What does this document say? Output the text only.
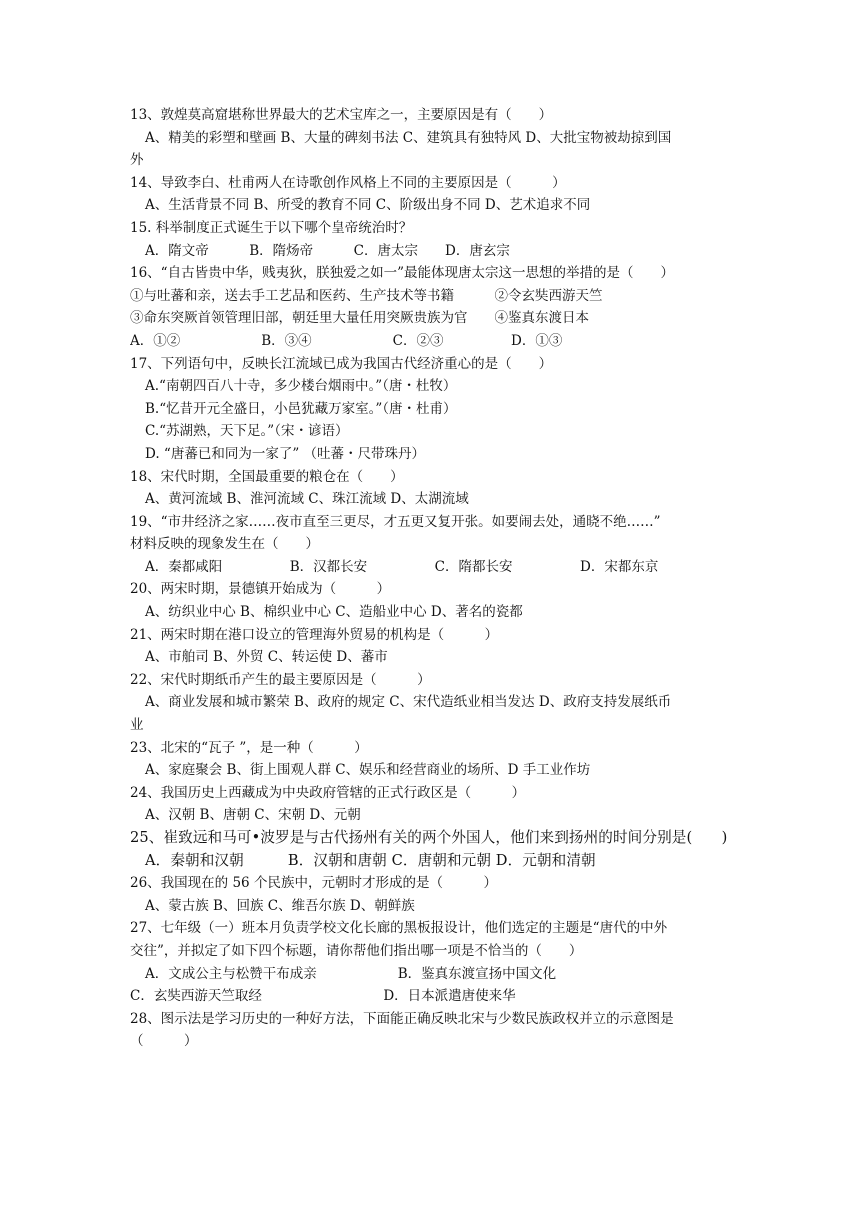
13、敦煌莫高窟堪称世界最大的艺术宝库之一，主要原因是有（　　）
A、精美的彩塑和壁画 B、大量的碑刻书法 C、建筑具有独特风 D、大批宝物被劫掠到国
外
14、导致李白、杜甫两人在诗歌创作风格上不同的主要原因是（　　　）
A、生活背景不同 B、所受的教育不同 C、阶级出身不同 D、艺术追求不同
15. 科举制度正式诞生于以下哪个皇帝统治时？
A．隋文帝　　　B．隋炀帝　　　C．唐太宗　　D．唐玄宗
16、“自古皆贵中华，贱夷狄，朕独爱之如一”最能体现唐太宗这一思想的举措的是（　　）
①与吐蕃和亲，送去手工艺品和医药、生产技术等书籍　　　②令玄奘西游天竺
③命东突厥首领管理旧部，朝廷里大量任用突厥贵族为官　　④鉴真东渡日本
A．①②　　　　　　B．③④　　　　　　C．②③　　　　　D．①③
17、下列语句中，反映长江流域已成为我国古代经济重心的是（　　）
A.“南朝四百八十寺，多少楼台烟雨中。”（唐・杜牧）
B.“忆昔开元全盛日，小邑犹藏万家室。”（唐・杜甫）
C.“苏湖熟，天下足。”（宋・谚语）
D. “唐蕃已和同为一家了” （吐蕃・尺带珠丹）
18、宋代时期，全国最重要的粮仓在（　　）
A、黄河流域 B、淮河流域 C、珠江流域 D、太湖流域
19、“市井经济之家……夜市直至三更尽，才五更又复开张。如要闹去处，通晓不绝……”
材料反映的现象发生在（　　）
A．秦都咸阳　　　　　B．汉都长安　　　　　C．隋都长安　　　　　D．宋都东京
20、两宋时期，景德镇开始成为（　　　）
A、纺织业中心 B、棉织业中心 C、造船业中心 D、著名的瓷都
21、两宋时期在港口设立的管理海外贸易的机构是（　　　）
A、市舶司 B、外贸 C、转运使 D、蕃市
22、宋代时期纸币产生的最主要原因是（　　　）
A、商业发展和城市繁荣 B、政府的规定 C、宋代造纸业相当发达 D、政府支持发展纸币
业
23、北宋的“瓦子 ”，是一种（　　　）
A、家庭聚会 B、街上围观人群 C、娱乐和经营商业的场所、D 手工业作坊
24、我国历史上西藏成为中央政府管辖的正式行政区是（　　　）
A、汉朝 B、唐朝 C、宋朝 D、元朝
25、崔致远和马可•波罗是与古代扬州有关的两个外国人，他们来到扬州的时间分别是(　　)
A．秦朝和汉朝　　　B．汉朝和唐朝 C．唐朝和元朝 D．元朝和清朝
26、我国现在的 56 个民族中，元朝时才形成的是（　　　）
A、蒙古族 B、回族 C、维吾尔族 D、朝鲜族
27、七年级（一）班本月负责学校文化长廊的黑板报设计，他们选定的主题是“唐代的中外
交往”，并拟定了如下四个标题，请你帮他们指出哪一项是不恰当的（　　）
A．文成公主与松赞干布成亲　　　　　　B．鉴真东渡宣扬中国文化
C．玄奘西游天竺取经　　　　　　　　　D．日本派遣唐使来华
28、图示法是学习历史的一种好方法，下面能正确反映北宋与少数民族政权并立的示意图是
（　　　）
